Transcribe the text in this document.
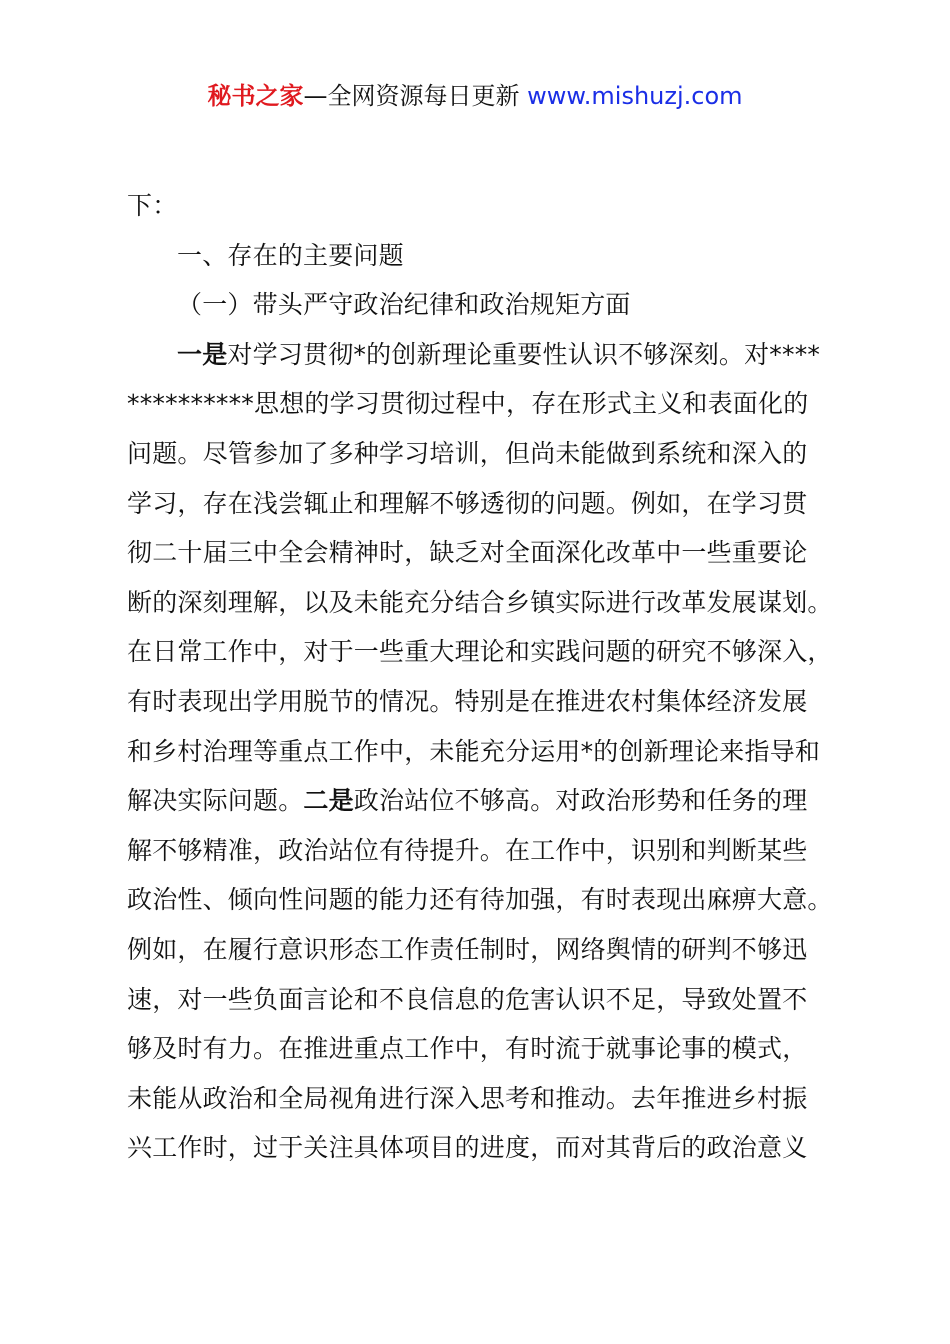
秘书之家—全网资源每日更新 www.mishuzj.com
下：
一、存在的主要问题
（一）带头严守政治纪律和政治规矩方面
一是对学习贯彻*的创新理论重要性认识不够深刻。对****
**********思想的学习贯彻过程中，存在形式主义和表面化的
问题。尽管参加了多种学习培训，但尚未能做到系统和深入的
学习，存在浅尝辄止和理解不够透彻的问题。例如，在学习贯
彻二十届三中全会精神时，缺乏对全面深化改革中一些重要论
断的深刻理解，以及未能充分结合乡镇实际进行改革发展谋划。
在日常工作中，对于一些重大理论和实践问题的研究不够深入，
有时表现出学用脱节的情况。特别是在推进农村集体经济发展
和乡村治理等重点工作中，未能充分运用*的创新理论来指导和
解决实际问题。二是政治站位不够高。对政治形势和任务的理
解不够精准，政治站位有待提升。在工作中，识别和判断某些
政治性、倾向性问题的能力还有待加强，有时表现出麻痹大意。
例如，在履行意识形态工作责任制时，网络舆情的研判不够迅
速，对一些负面言论和不良信息的危害认识不足，导致处置不
够及时有力。在推进重点工作中，有时流于就事论事的模式，
未能从政治和全局视角进行深入思考和推动。去年推进乡村振
兴工作时，过于关注具体项目的进度，而对其背后的政治意义
